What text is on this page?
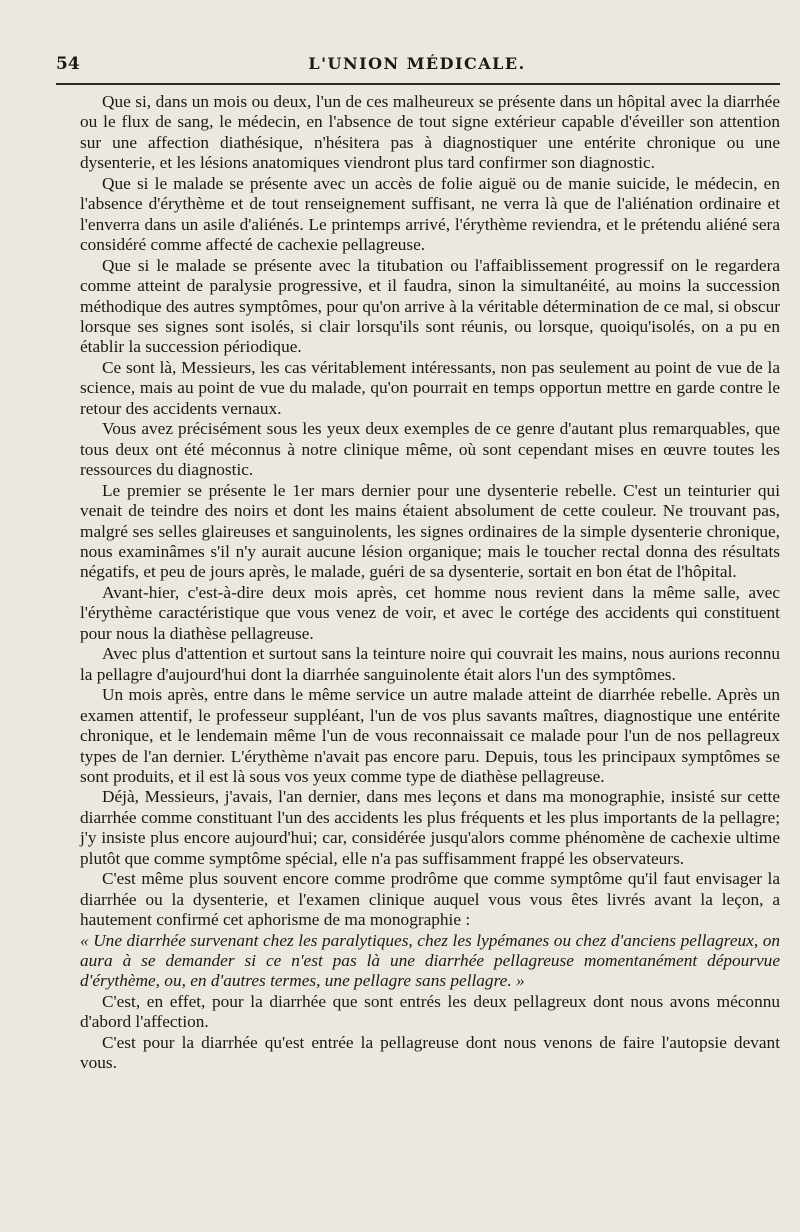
54	L'UNION MÉDICALE.

Que si, dans un mois ou deux, l'un de ces malheureux se présente dans un hôpital avec la diarrhée ou le flux de sang, le médecin, en l'absence de tout signe extérieur capable d'éveiller son attention sur une affection diathésique, n'hésitera pas à diagnostiquer une entérite chronique ou une dysenterie, et les lésions anatomiques viendront plus tard confirmer son diagnostic.

Que si le malade se présente avec un accès de folie aiguë ou de manie suicide, le médecin, en l'absence d'érythème et de tout renseignement suffisant, ne verra là que de l'aliénation ordinaire et l'enverra dans un asile d'aliénés. Le printemps arrivé, l'érythème reviendra, et le prétendu aliéné sera considéré comme affecté de cachexie pellagreuse.

Que si le malade se présente avec la titubation ou l'affaiblissement progressif on le regardera comme atteint de paralysie progressive, et il faudra, sinon la simultanéité, au moins la succession méthodique des autres symptômes, pour qu'on arrive à la véritable détermination de ce mal, si obscur lorsque ses signes sont isolés, si clair lorsqu'ils sont réunis, ou lorsque, quoiqu'isolés, on a pu en établir la succession périodique.

Ce sont là, Messieurs, les cas véritablement intéressants, non pas seulement au point de vue de la science, mais au point de vue du malade, qu'on pourrait en temps opportun mettre en garde contre le retour des accidents vernaux.

Vous avez précisément sous les yeux deux exemples de ce genre d'autant plus remarquables, que tous deux ont été méconnus à notre clinique même, où sont cependant mises en œuvre toutes les ressources du diagnostic.

Le premier se présente le 1er mars dernier pour une dysenterie rebelle. C'est un teinturier qui venait de teindre des noirs et dont les mains étaient absolument de cette couleur. Ne trouvant pas, malgré ses selles glaireuses et sanguinolents, les signes ordinaires de la simple dysenterie chronique, nous examinâmes s'il n'y aurait aucune lésion organique; mais le toucher rectal donna des résultats négatifs, et peu de jours après, le malade, guéri de sa dysenterie, sortait en bon état de l'hôpital.

Avant-hier, c'est-à-dire deux mois après, cet homme nous revient dans la même salle, avec l'érythème caractéristique que vous venez de voir, et avec le cortége des accidents qui constituent pour nous la diathèse pellagreuse.

Avec plus d'attention et surtout sans la teinture noire qui couvrait les mains, nous aurions reconnu la pellagre d'aujourd'hui dont la diarrhée sanguinolente était alors l'un des symptômes.

Un mois après, entre dans le même service un autre malade atteint de diarrhée rebelle. Après un examen attentif, le professeur suppléant, l'un de vos plus savants maîtres, diagnostique une entérite chronique, et le lendemain même l'un de vous reconnaissait ce malade pour l'un de nos pellagreux types de l'an dernier. L'érythème n'avait pas encore paru. Depuis, tous les principaux symptômes se sont produits, et il est là sous vos yeux comme type de diathèse pellagreuse.

Déjà, Messieurs, j'avais, l'an dernier, dans mes leçons et dans ma monographie, insisté sur cette diarrhée comme constituant l'un des accidents les plus fréquents et les plus importants de la pellagre; j'y insiste plus encore aujourd'hui; car, considérée jusqu'alors comme phénomène de cachexie ultime plutôt que comme symptôme spécial, elle n'a pas suffisamment frappé les observateurs.

C'est même plus souvent encore comme prodrôme que comme symptôme qu'il faut envisager la diarrhée ou la dysenterie, et l'examen clinique auquel vous vous êtes livrés avant la leçon, a hautement confirmé cet aphorisme de ma monographie :

« Une diarrhée survenant chez les paralytiques, chez les lypémanes ou chez d'anciens pellagreux, on aura à se demander si ce n'est pas là une diarrhée pellagreuse momentanément dépourvue d'érythème, ou, en d'autres termes, une pellagre sans pellagre. »

C'est, en effet, pour la diarrhée que sont entrés les deux pellagreux dont nous avons méconnu d'abord l'affection.

C'est pour la diarrhée qu'est entrée la pellagreuse dont nous venons de faire l'autopsie devant vous.
